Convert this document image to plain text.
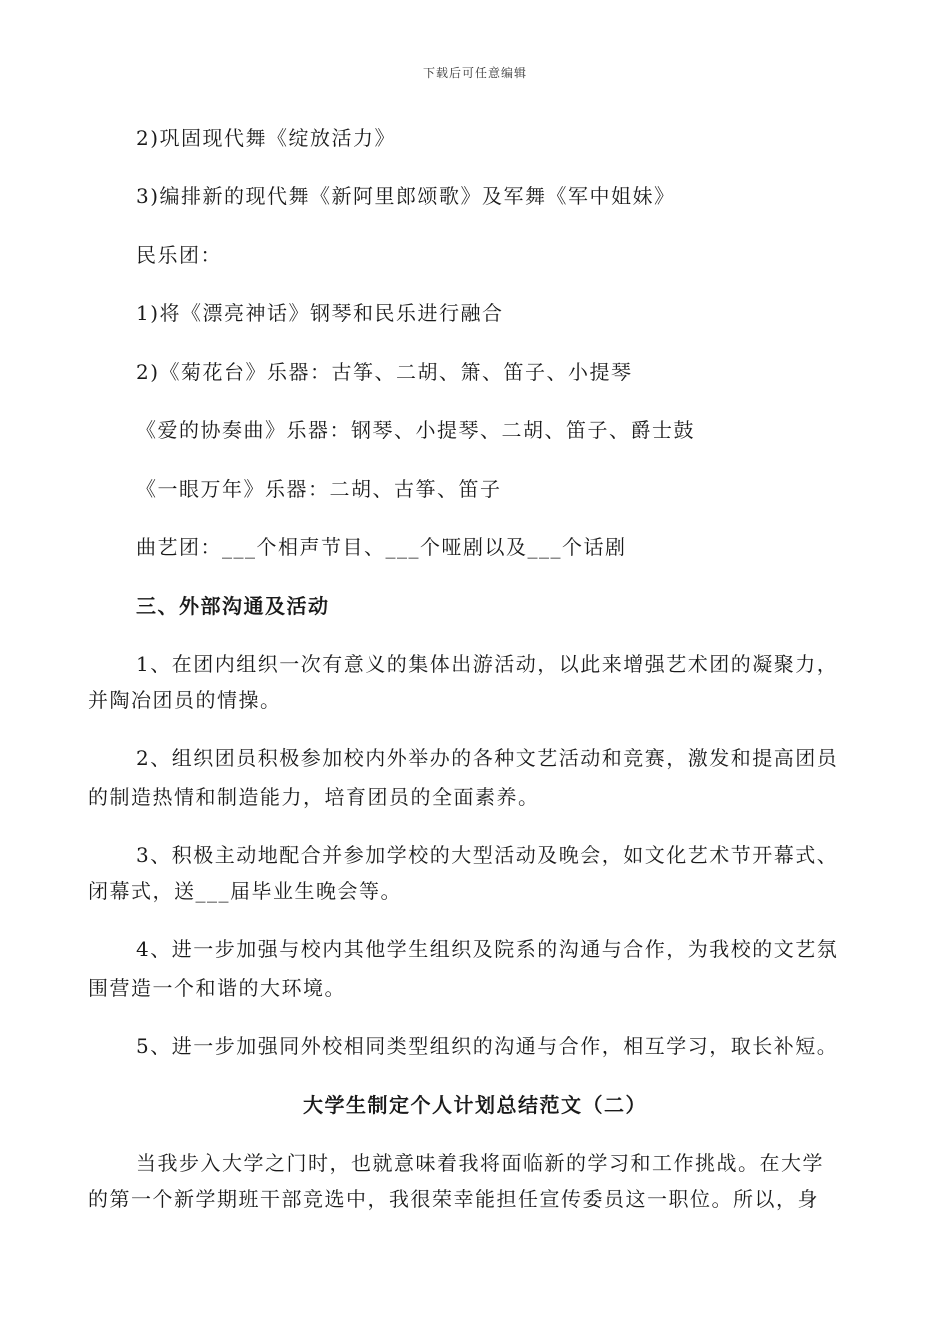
下载后可任意编辑
2)巩固现代舞《绽放活力》
3)编排新的现代舞《新阿里郎颂歌》及军舞《军中姐妹》
民乐团：
1)将《漂亮神话》钢琴和民乐进行融合
2)《菊花台》乐器：古筝、二胡、箫、笛子、小提琴
《爱的协奏曲》乐器：钢琴、小提琴、二胡、笛子、爵士鼓
《一眼万年》乐器：二胡、古筝、笛子
曲艺团：___个相声节目、___个哑剧以及___个话剧
三、外部沟通及活动
1、在团内组织一次有意义的集体出游活动，以此来增强艺术团的凝聚力，
并陶冶团员的情操。
2、组织团员积极参加校内外举办的各种文艺活动和竞赛，激发和提高团员
的制造热情和制造能力，培育团员的全面素养。
3、积极主动地配合并参加学校的大型活动及晚会，如文化艺术节开幕式、
闭幕式，送___届毕业生晚会等。
4、进一步加强与校内其他学生组织及院系的沟通与合作，为我校的文艺氛
围营造一个和谐的大环境。
5、进一步加强同外校相同类型组织的沟通与合作，相互学习，取长补短。
大学生制定个人计划总结范文（二）
当我步入大学之门时，也就意味着我将面临新的学习和工作挑战。在大学
的第一个新学期班干部竞选中，我很荣幸能担任宣传委员这一职位。所以，身
